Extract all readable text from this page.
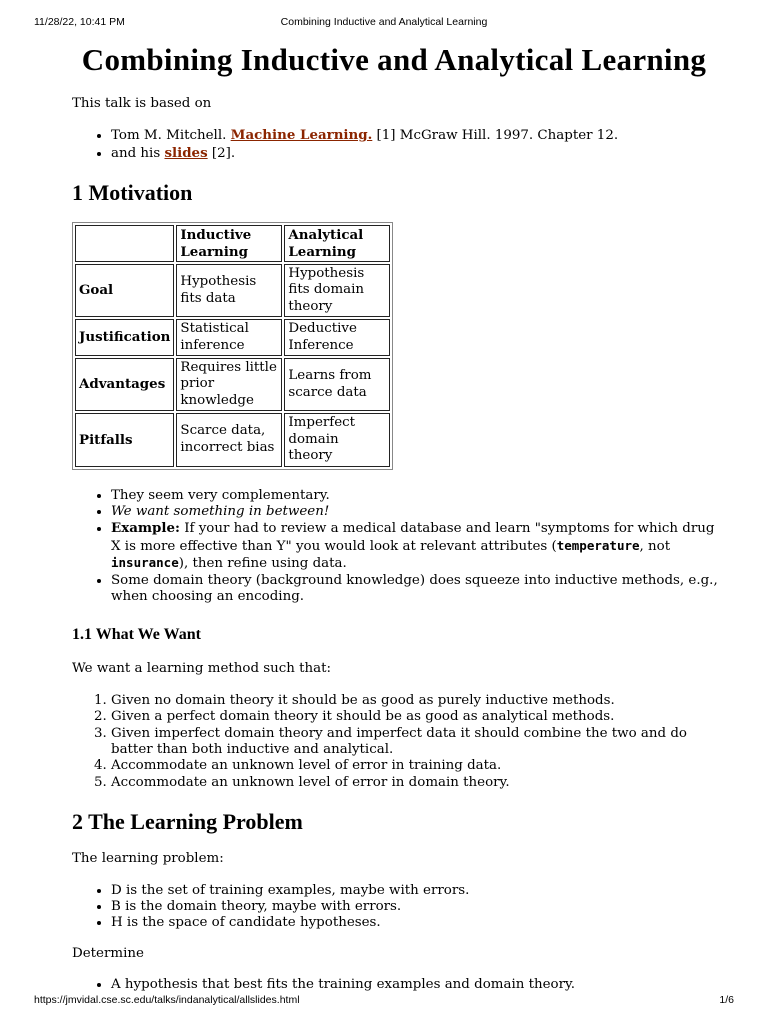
11/28/22, 10:41 PM	Combining Inductive and Analytical Learning
Combining Inductive and Analytical Learning

This talk is based on

• Tom M. Mitchell. Machine Learning. [1] McGraw Hill. 1997. Chapter 12.
• and his slides [2].
1 Motivation
	Inductive Learning	Analytical Learning
Goal	Hypothesis fits data	Hypothesis fits domain theory
Justification	Statistical inference	Deductive Inference
Advantages	Requires little prior knowledge	Learns from scarce data
Pitfalls	Scarce data, incorrect bias	Imperfect domain theory
• They seem very complementary.
• We want something in between!
• Example: If your had to review a medical database and learn "symptoms for which drug X is more effective than Y" you would look at relevant attributes (temperature, not insurance), then refine using data.
• Some domain theory (background knowledge) does squeeze into inductive methods, e.g., when choosing an encoding.
1.1 What We Want

We want a learning method such that:

1. Given no domain theory it should be as good as purely inductive methods.
2. Given a perfect domain theory it should be as good as analytical methods.
3. Given imperfect domain theory and imperfect data it should combine the two and do batter than both inductive and analytical.
4. Accommodate an unknown level of error in training data.
5. Accommodate an unknown level of error in domain theory.
2 The Learning Problem

The learning problem:

• D is the set of training examples, maybe with errors.
• B is the domain theory, maybe with errors.
• H is the space of candidate hypotheses.

Determine

• A hypothesis that best fits the training examples and domain theory.
https://jmvidal.cse.sc.edu/talks/indanalytical/allslides.html	1/6
